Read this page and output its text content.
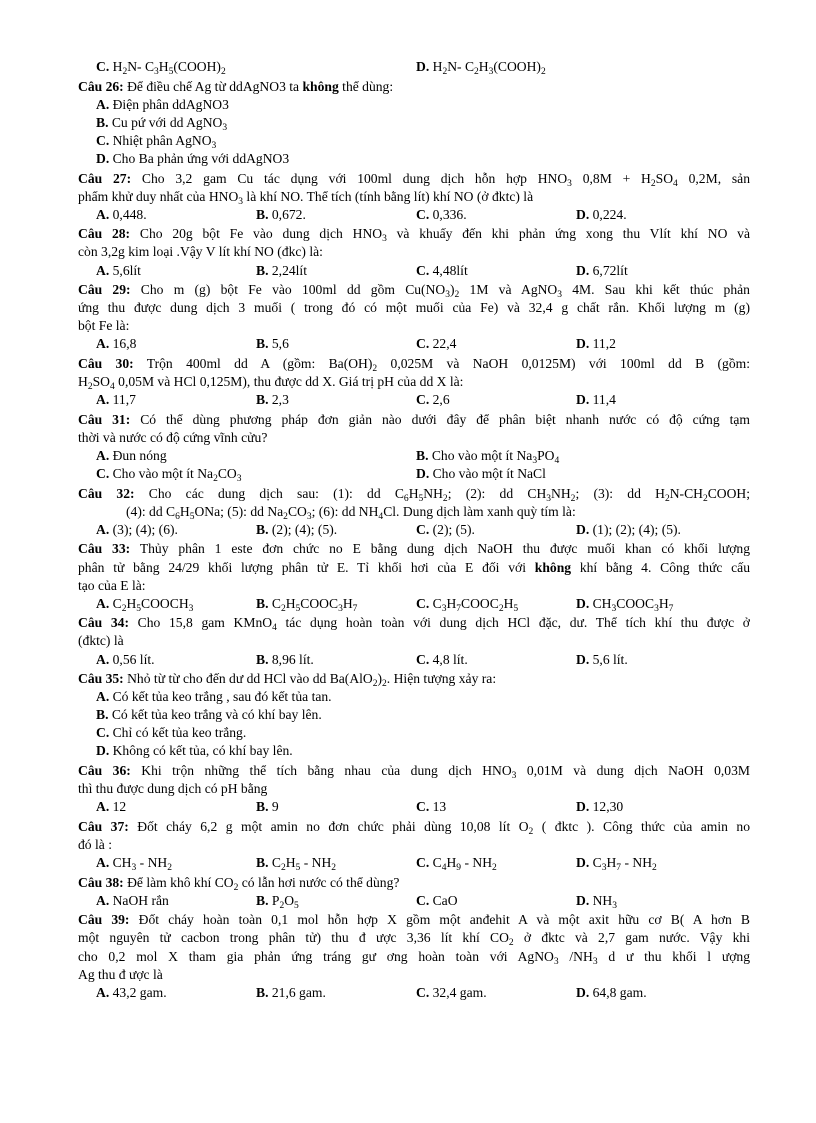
C. $H_2N-$ $C_3H_5(COOH)_2$	D. $H_2N-$ $C_2H_3(COOH)_2$
Câu 26: Để điều chế Ag từ ddAgNO3 ta không thể dùng:
A. Điện phân ddAgNO3
B. Cu pứ với dd AgNO$_3$
C. Nhiệt phân AgNO$_3$
D. Cho Ba phản ứng với ddAgNO3
Câu 27: Cho 3,2 gam Cu tác dụng với 100ml dung dịch hỗn hợp $HNO_3$ $0,8M + H_2SO_4$ 0,2M, sản
phẩm khử duy nhất của $HNO_3$ là khí NO. Thể tích (tính bằng lít) khí NO (ở đktc) là
A. 0,448.	B. 0,672.	C. 0,336.	D. 0,224.
Câu 28: Cho 20g bột Fe vào dung dịch $HNO_3$ và khuấy đến khi phản ứng xong thu Vlít khí NO và
còn 3,2g kim loại .Vậy V lít khí NO (đkc) là:
A. 5,6lít	B. 2,24lít	C. 4,48lít	D. 6,72lít
Câu 29: Cho m (g) bột Fe vào 100ml dd gồm $Cu(NO_3)_2$ 1M và AgNO$_3$ 4M. Sau khi kết thúc phản
ứng thu được dung dịch 3 muối ( trong đó có một muối của Fe) và 32,4 g chất rắn. Khối lượng m (g)
bột Fe là:
A. 16,8	B. 5,6	C. 22,4	D. 11,2
Câu 30: Trộn 400ml dd A (gồm: $Ba(OH)_2$ 0,025M và NaOH 0,0125M) với 100ml dd B (gồm:
$H_2SO_4$ 0,05M và HCl 0,125M), thu được dd X. Giá trị pH của dd X là:
A. 11,7	B. 2,3	C. 2,6	D. 11,4
Câu 31: Có thể dùng phương pháp đơn giản nào dưới đây để phân biệt nhanh nước có độ cứng tạm
thời và nước có độ cứng vĩnh cửu?
A. Đun nóng	B. Cho vào một ít $Na_3PO_4$
C. Cho vào một ít $Na_2CO_3$	D. Cho vào một ít NaCl
Câu 32: Cho các dung dịch sau: (1): dd $C_6H_5NH_2$; (2): dd $CH_3NH_2$; (3): dd $H_2N-CH_2COOH$;
(4): dd $C_6H_5ONa$; (5): dd $Na_2CO_3$; (6): dd $NH_4Cl$. Dung dịch làm xanh quỳ tím là:
A. (3); (4); (6).	B. (2); (4); (5).	C. (2); (5).	D. (1); (2); (4); (5).
Câu 33: Thủy phân 1 este đơn chức no E bằng dung dịch NaOH thu được muối khan có khối lượng
phân tử bằng 24/29 khối lượng phân tử E. Tỉ khối hơi của E đối với không khí bằng 4. Công thức cấu
tạo của E là:
A. $C_2H_5COOCH_3$	B. $C_2H_5COOC_3H_7$	C. $C_3H_7COOC_2H_5$	D. $CH_3COOC_3H_7$
Câu 34: Cho 15,8 gam KMnO$_4$ tác dụng hoàn toàn với dung dịch HCl đặc, dư. Thể tích khí thu được ở
(đktc) là
A. 0,56 lít.	B. 8,96 lít.	C. 4,8 lít.	D. 5,6 lít.
Câu 35: Nhỏ từ từ cho đến dư dd HCl vào dd $Ba(AlO_2)_2$. Hiện tượng xảy ra:
A. Có kết tủa keo trắng , sau đó kết tủa tan.
B. Có kết tủa keo trắng và có khí bay lên.
C. Chỉ có kết tủa keo trắng.
D. Không có kết tủa, có khí bay lên.
Câu 36: Khi trộn những thể tích bằng nhau của dung dịch $HNO_3$ 0,01M và dung dịch NaOH 0,03M
thì thu được dung dịch có pH bằng
A. 12	B. 9	C. 13	D. 12,30
Câu 37: Đốt cháy 6,2 g một amin no đơn chức phải dùng 10,08 lít $O_2$ ( đktc ). Công thức của amin no
đó là :
A. $CH_3 - NH_2$	B. $C_2H_5 - NH_2$	C. $C_4H_9 - NH_2$	D. $C_3H_7 - NH_2$
Câu 38: Để làm khô khí $CO_2$ có lẫn hơi nước có thể dùng?
A. NaOH rắn	B. $P_2O_5$	C. CaO	D. $NH_3$
Câu 39: Đốt cháy hoàn toàn 0,1 mol hỗn hợp X gồm một anđehit A và một axit hữu cơ B( A hơn B
một nguyên tử cacbon trong phân tử) thu đ ược 3,36 lít khí $CO_2$ ở đktc và 2,7 gam nước. Vậy khi
cho 0,2 mol X tham gia phản ứng tráng gư ơng hoàn toàn với AgNO$_3$ $/NH_3$ d ư thu khối l ượng
Ag thu đ ược là
A. 43,2 gam.	B. 21,6 gam.	C. 32,4 gam.	D. 64,8 gam.
